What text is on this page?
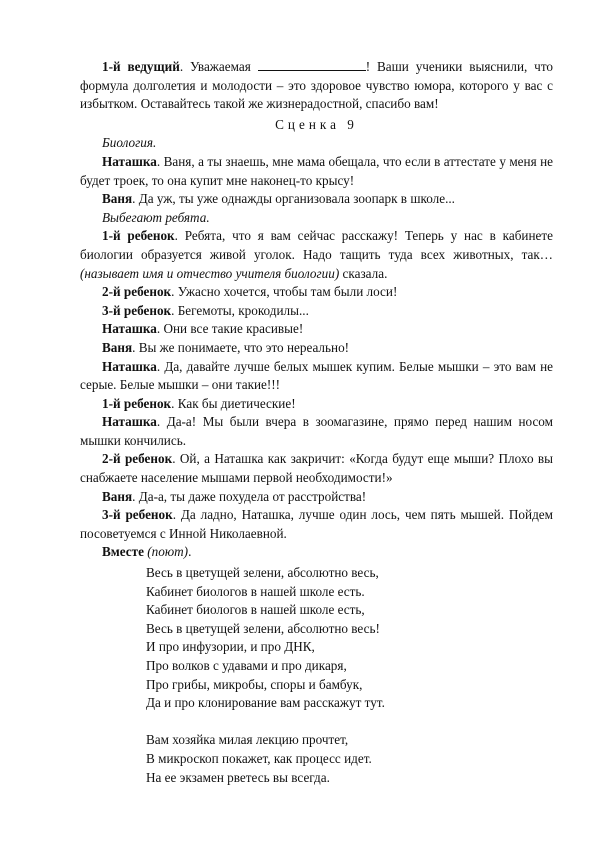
1-й ведущий. Уважаемая	! Ваши ученики выяснили, что формула долголетия и молодости – это здоровое чувство юмора, которого у вас с избытком. Оставайтесь такой же жизнерадостной, спасибо вам!

Сценка 9

Биология.

Наташка. Ваня, а ты знаешь, мне мама обещала, что если в аттестате у меня не будет троек, то она купит мне наконец-то крысу!

Ваня. Да уж, ты уже однажды организовала зоопарк в школе...

Выбегают ребята.

1-й ребенок. Ребята, что я вам сейчас расскажу! Теперь у нас в кабинете биологии образуется живой уголок. Надо тащить туда всех животных, так… (называет имя и отчество учителя биологии) сказала.

2-й ребенок. Ужасно хочется, чтобы там были лоси!

3-й ребенок. Бегемоты, крокодилы...

Наташка. Они все такие красивые!

Ваня. Вы же понимаете, что это нереально!

Наташка. Да, давайте лучше белых мышек купим. Белые мышки – это вам не серые. Белые мышки – они такие!!!

1-й ребенок. Как бы диетические!

Наташка. Да-а! Мы были вчера в зоомагазине, прямо перед нашим носом мышки кончились.

2-й ребенок. Ой, а Наташка как закричит: «Когда будут еще мыши? Плохо вы снабжаете население мышами первой необходимости!»

Ваня. Да-а, ты даже похудела от расстройства!

3-й ребенок. Да ладно, Наташка, лучше один лось, чем пять мышей. Пойдем посоветуемся с Инной Николаевной.

Вместе (поют).

Весь в цветущей зелени, абсолютно весь,

Кабинет биологов в нашей школе есть.

Кабинет биологов в нашей школе есть,

Весь в цветущей зелени, абсолютно весь!

И про инфузории, и про ДНК,

Про волков с удавами и про дикаря,

Про грибы, микробы, споры и бамбук,

Да и про клонирование вам расскажут тут.

Вам хозяйка милая лекцию прочтет,

В микроскоп покажет, как процесс идет.

На ее экзамен рветесь вы всегда.
